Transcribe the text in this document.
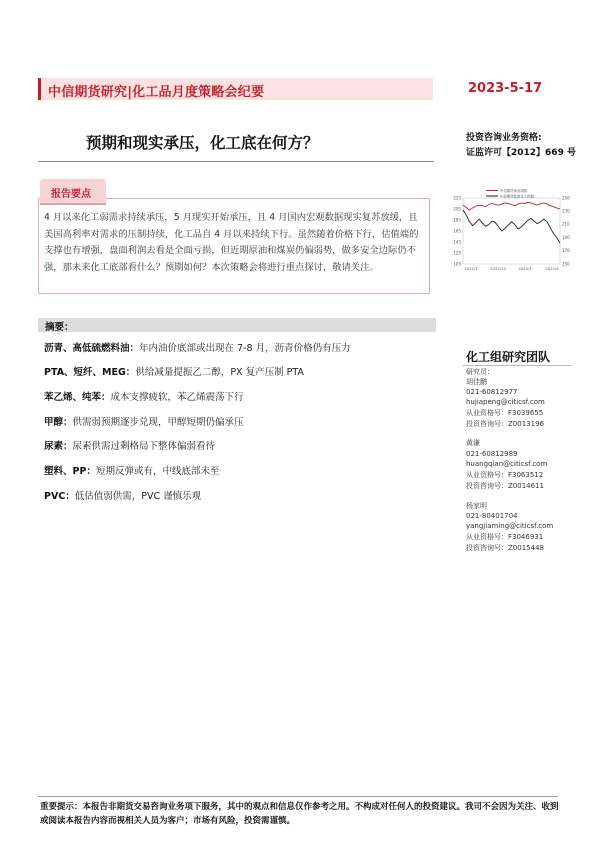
中信期货研究|化工品月度策略会纪要	2023-5-17
预期和现实承压，化工底在何方？	投资咨询业务资格:
证监许可【2012】669 号
报告要点
4 月以来化工弱需求持续承压，5 月现实开始承压，且 4 月国内宏观数据现实复苏放缓，且美国高利率对需求的压制持续，化工品自 4 月以来持续下行。虽然随着价格下行，估值端的支撑也有增强，盘面利润去看是全面亏损，但近期原油和煤炭仍偏弱势，做多安全边际仍不强，那未来化工底部看什么？预期如何？本次策略会将进行重点探讨，敬请关注。
中信期货商品指数
中信期货能源化工指数
225
205
185
165
145
125
105
250
230
210
190
170
150
2022/7	2022/10	2023/1	2023/4
摘要：
沥青、高低硫燃料油：年内油价底部或出现在 7-8 月，沥青价格仍有压力
PTA、短纤、MEG：供给减量提振乙二醇，PX 复产压制 PTA
苯乙烯、纯苯：成本支撑疲软，苯乙烯震荡下行
甲醇：供需弱预期逐步兑现，甲醇短期仍偏承压
尿素：尿素供需过剩格局下整体偏弱看待
塑料、PP：短期反弹或有，中线底部未至
PVC：低估值弱供需，PVC 谨慎乐观
化工组研究团队
研究员：
胡佳鹏
021-60812977
hujiapeng@citicsf.com
从业资格号：F3039655
投资咨询号：Z0013196
黄谦
021-60812989
huangqian@citicsf.com
从业资格号：F3063512
投资咨询号：Z0014611
杨家明
021-80401704
yangjiaming@citicsf.com
从业资格号：F3046931
投资咨询号：Z0015448
重要提示：本报告非期货交易咨询业务项下服务，其中的观点和信息仅作参考之用。不构成对任何人的投资建议。我司不会因为关注、收到或阅读本报告内容而视相关人员为客户；市场有风险，投资需谨慎。
